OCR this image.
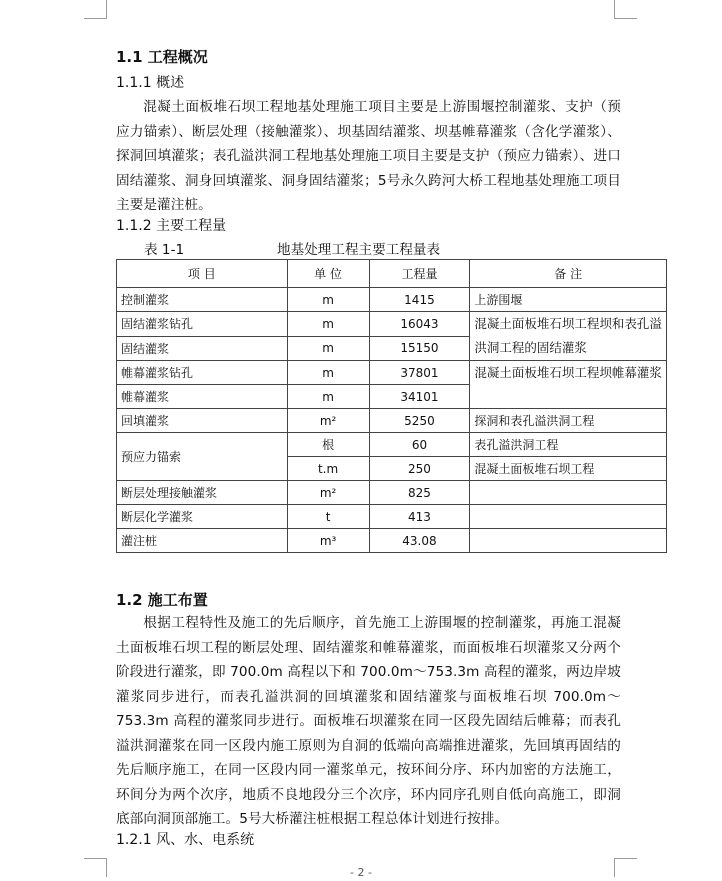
1.1 工程概况
1.1.1 概述
混凝土面板堆石坝工程地基处理施工项目主要是上游围堰控制灌浆、支护（预应力锚索）、断层处理（接触灌浆）、坝基固结灌浆、坝基帷幕灌浆（含化学灌浆）、探洞回填灌浆；表孔溢洪洞工程地基处理施工项目主要是支护（预应力锚索）、进口固结灌浆、洞身回填灌浆、洞身固结灌浆；5号永久跨河大桥工程地基处理施工项目主要是灌注桩。
1.1.2 主要工程量
表 1-1	地基处理工程主要工程量表
项 目	单 位	工程量	备 注
控制灌浆	m	1415	上游围堰
固结灌浆钻孔	m	16043	混凝土面板堆石坝工程坝和表孔溢洪洞工程的固结灌浆
固结灌浆	m	15150	
帷幕灌浆钻孔	m	37801	混凝土面板堆石坝工程坝帷幕灌浆
帷幕灌浆	m	34101	
回填灌浆	m²	5250	探洞和表孔溢洪洞工程
预应力锚索	根	60	表孔溢洪洞工程
	t.m	250	混凝土面板堆石坝工程
断层处理接触灌浆	m²	825	
断层化学灌浆	t	413	
灌注桩	m³	43.08	
1.2 施工布置
根据工程特性及施工的先后顺序，首先施工上游围堰的控制灌浆，再施工混凝土面板堆石坝工程的断层处理、固结灌浆和帷幕灌浆，而面板堆石坝灌浆又分两个阶段进行灌浆，即 700.0m 高程以下和 700.0m～753.3m 高程的灌浆，两边岸坡灌浆同步进行，而表孔溢洪洞的回填灌浆和固结灌浆与面板堆石坝 700.0m～753.3m 高程的灌浆同步进行。面板堆石坝灌浆在同一区段先固结后帷幕；而表孔溢洪洞灌浆在同一区段内施工原则为自洞的低端向高端推进灌浆，先回填再固结的先后顺序施工，在同一区段内同一灌浆单元，按环间分序、环内加密的方法施工，环间分为两个次序，地质不良地段分三个次序，环内同序孔则自低向高施工，即洞底部向洞顶部施工。5号大桥灌注桩根据工程总体计划进行按排。
1.2.1 风、水、电系统
- 2 -
